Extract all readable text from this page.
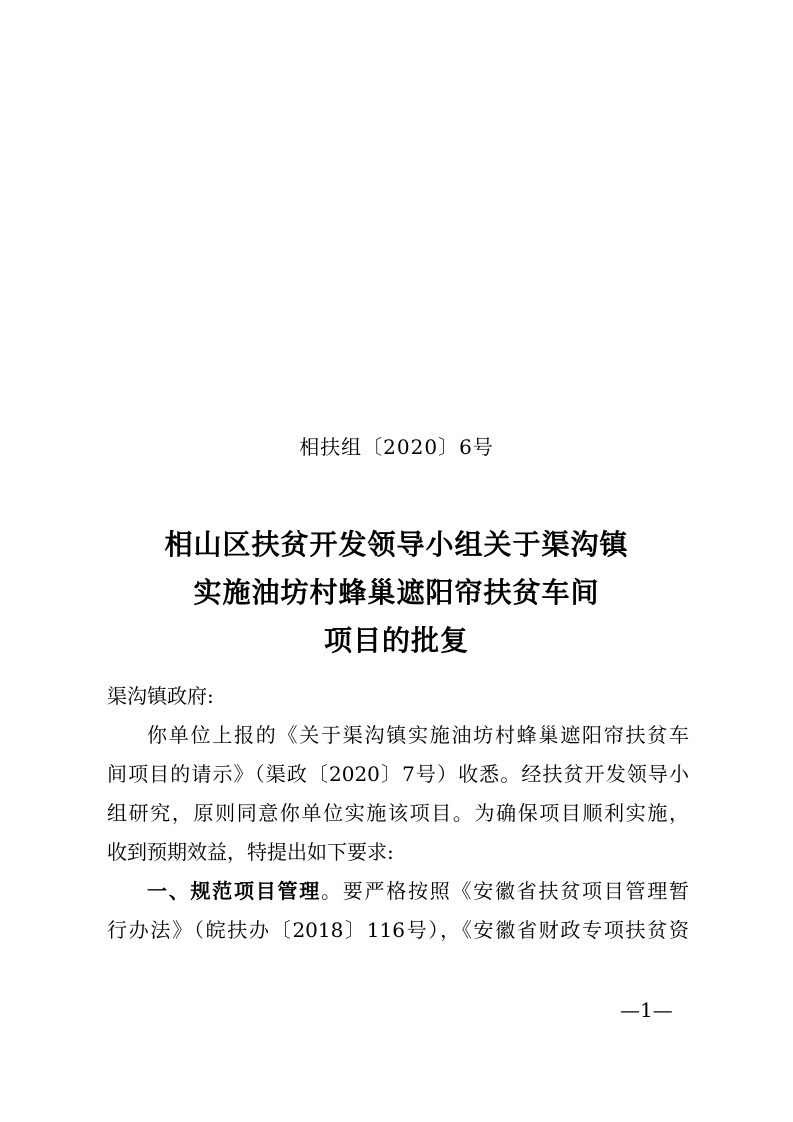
相扶组〔2020〕6号
相山区扶贫开发领导小组关于渠沟镇
实施油坊村蜂巢遮阳帘扶贫车间
项目的批复
渠沟镇政府:
你单位上报的《关于渠沟镇实施油坊村蜂巢遮阳帘扶贫车
间项目的请示》（渠政〔2020〕7号）收悉。经扶贫开发领导小
组研究，原则同意你单位实施该项目。为确保项目顺利实施，
收到预期效益，特提出如下要求:
一、规范项目管理。要严格按照《安徽省扶贫项目管理暂
行办法》（皖扶办〔2018〕116号），《安徽省财政专项扶贫资
—1—
